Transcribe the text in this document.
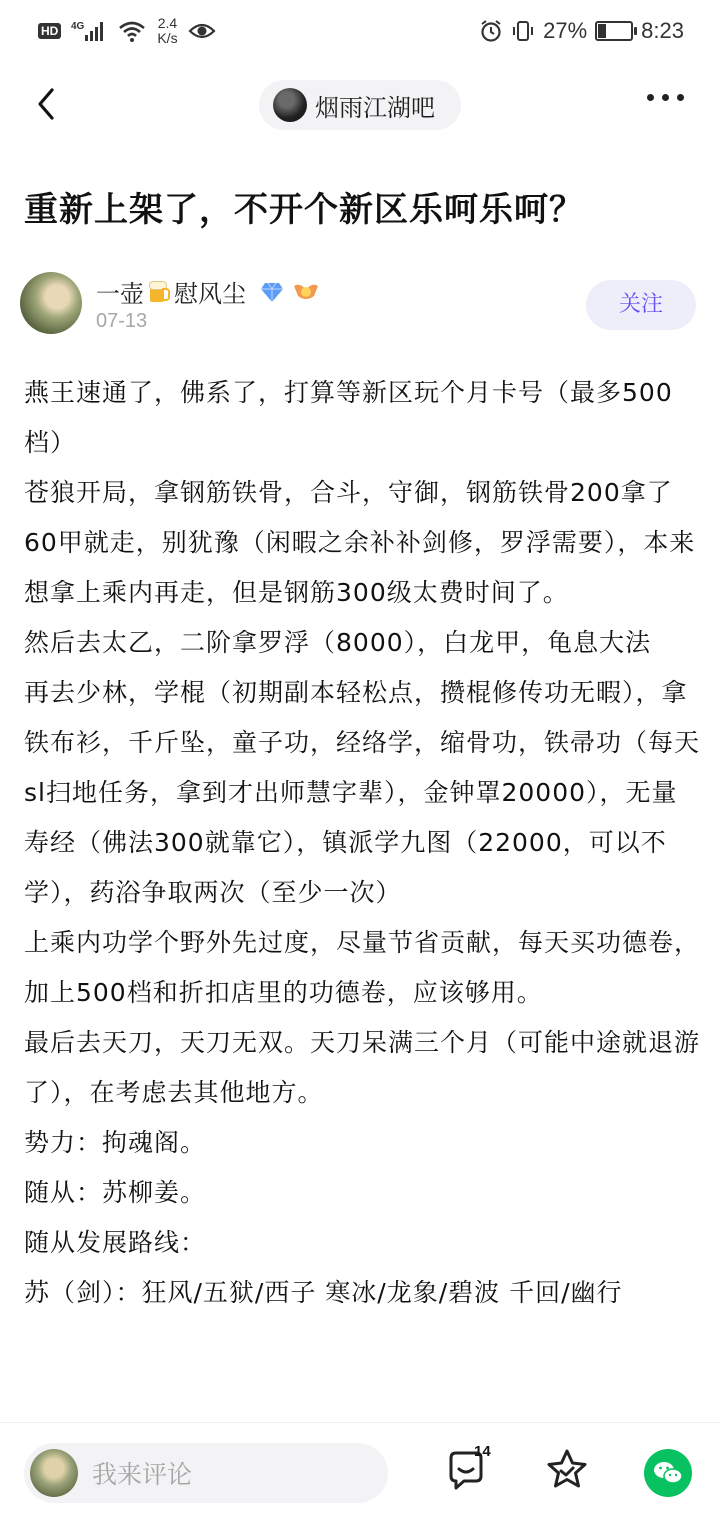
HD	4G	2.4
K/s	27% 8:23
烟雨江湖吧
重新上架了，不开个新区乐呵乐呵？
一壶 慰风尘
07-13
关注

燕王速通了，佛系了，打算等新区玩个月卡号（最多500档）

苍狼开局，拿钢筋铁骨，合斗，守御，钢筋铁骨200拿了60甲就走，别犹豫（闲暇之余补补剑修，罗浮需要），本来想拿上乘内再走，但是钢筋300级太费时间了。

然后去太乙，二阶拿罗浮（8000），白龙甲，龟息大法

再去少林，学棍（初期副本轻松点，攒棍修传功无暇），拿铁布衫，千斤坠，童子功，经络学，缩骨功，铁帚功（每天sl扫地任务，拿到才出师慧字辈），金钟罩20000），无量寿经（佛法300就靠它），镇派学九图（22000，可以不学），药浴争取两次（至少一次）

上乘内功学个野外先过度，尽量节省贡献，每天买功德卷，加上500档和折扣店里的功德卷，应该够用。

最后去天刀，天刀无双。天刀呆满三个月（可能中途就退游了），在考虑去其他地方。

势力：拘魂阁。

随从：苏柳姜。

随从发展路线：

苏（剑）：狂风/五狱/西子 寒冰/龙象/碧波 千回/幽行

我来评论
14
